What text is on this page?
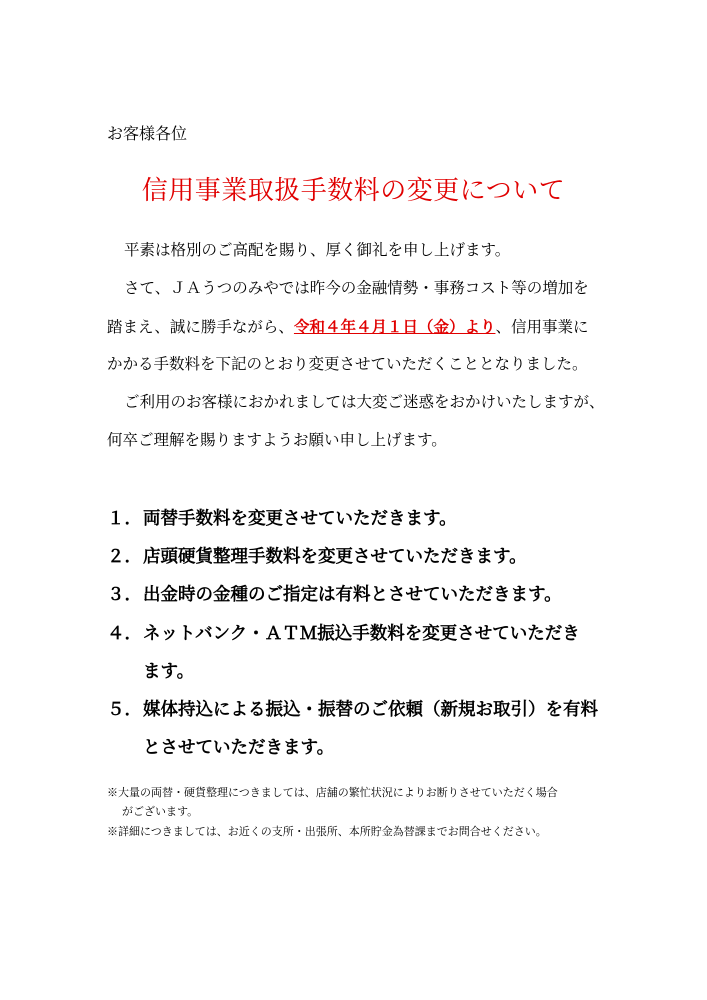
お客様各位
信用事業取扱手数料の変更について
平素は格別のご高配を賜り、厚く御礼を申し上げます。
さて、ＪＡうつのみやでは昨今の金融情勢・事務コスト等の増加を
踏まえ、誠に勝手ながら、令和４年４月１日（金）より、信用事業に
かかる手数料を下記のとおり変更させていただくこととなりました。
ご利用のお客様におかれましては大変ご迷惑をおかけいたしますが、
何卒ご理解を賜りますようお願い申し上げます。
１．両替手数料を変更させていただきます。
２．店頭硬貨整理手数料を変更させていただきます。
３．出金時の金種のご指定は有料とさせていただきます。
４．ネットバンク・ＡＴＭ振込手数料を変更させていただき
ます。
５．媒体持込による振込・振替のご依頼（新規お取引）を有料
とさせていただきます。
※大量の両替・硬貨整理につきましては、店舗の繁忙状況によりお断りさせていただく場合
がございます。
※詳細につきましては、お近くの支所・出張所、本所貯金為替課までお問合せください。
